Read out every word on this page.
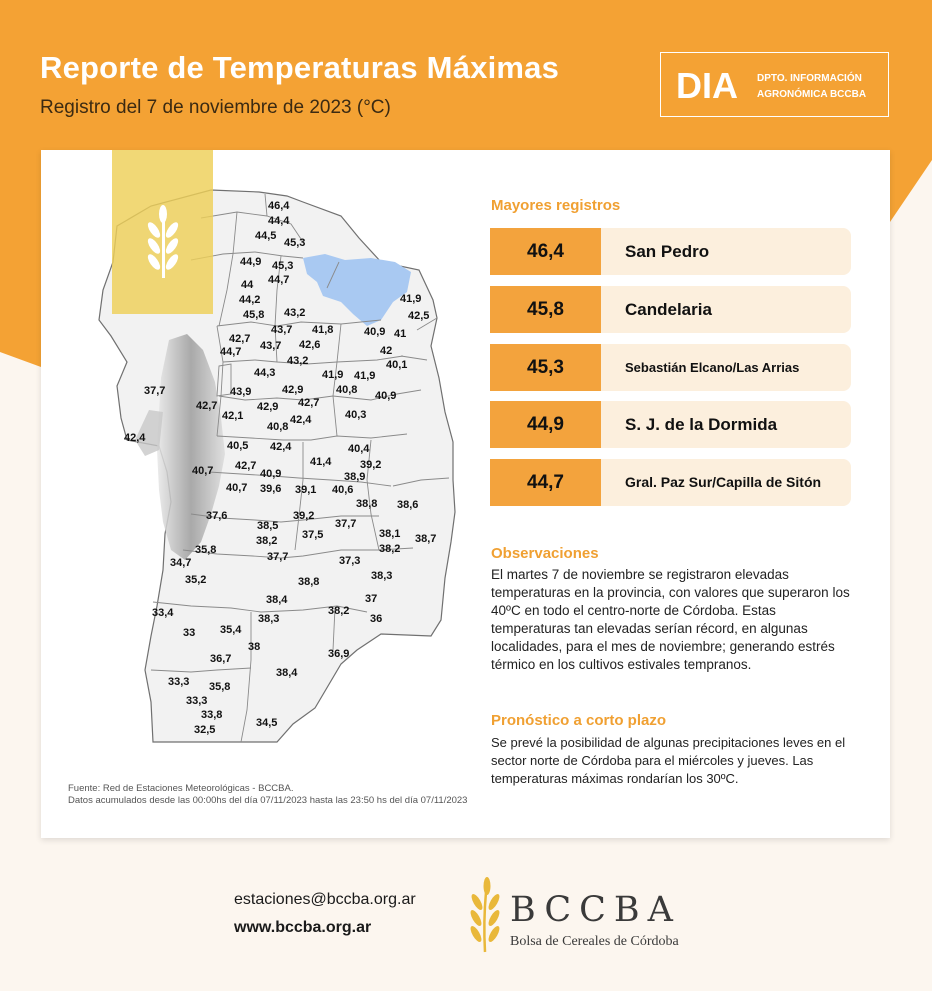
Reporte de Temperaturas Máximas
Registro del 7 de noviembre de 2023 (°C)
DIA DPTO. INFORMACIÓN
AGRONÓMICA BCCBA
46,4
44,4
44,5
45,3
44,9 45,3
44 44,7
44,2
45,8
41,9
42,5
43,2
43,7 41,8	40,9 41
42,7
43,7 42,6	42
44,7
43,2	40,1
44,3	41,9 41,9
37,7	43,9	42,9	40,8 40,9
42,7	42,9 42,7
42,1	42,4	40,3
42,4
40,8
40,5 42,4	40,4
41,4	39,2
42,7
40,9	38,9
40,7
40,7 39,6 39,1 40,6
38,8 38,6
37,6	39,2
38,5	37,7
38,1
38,2 37,5	38,7
35,8	38,2
34,7	37,7	37,3
35,2	38,3
38,8
33,4
38,4	37
38,2
33 35,4
38,3	36
38
36,9
36,7
38,4
33,3 35,8
33,3
33,8
34,5
32,5
Fuente: Red de Estaciones Meteorológicas - BCCBA.
Datos acumulados desde las 00:00hs del día 07/11/2023 hasta las 23:50 hs del día 07/11/2023
Mayores registros
46,4	San Pedro
45,8	Candelaria
45,3	Sebastián Elcano/Las Arrias
44,9	S. J. de la Dormida
44,7	Gral. Paz Sur/Capilla de Sitón
Observaciones
El martes 7 de noviembre se registraron elevadas temperaturas en la provincia, con valores que superaron los 40ºC en todo el centro-norte de Córdoba. Estas temperaturas tan elevadas serían récord, en algunas localidades, para el mes de noviembre; generando estrés térmico en los cultivos estivales tempranos.
Pronóstico a corto plazo
Se prevé la posibilidad de algunas precipitaciones leves en el sector norte de Córdoba para el miércoles y jueves. Las temperaturas máximas rondarían los 30ºC.
estaciones@bccba.org.ar
www.bccba.org.ar	BCCBA
Bolsa de Cereales de Córdoba
